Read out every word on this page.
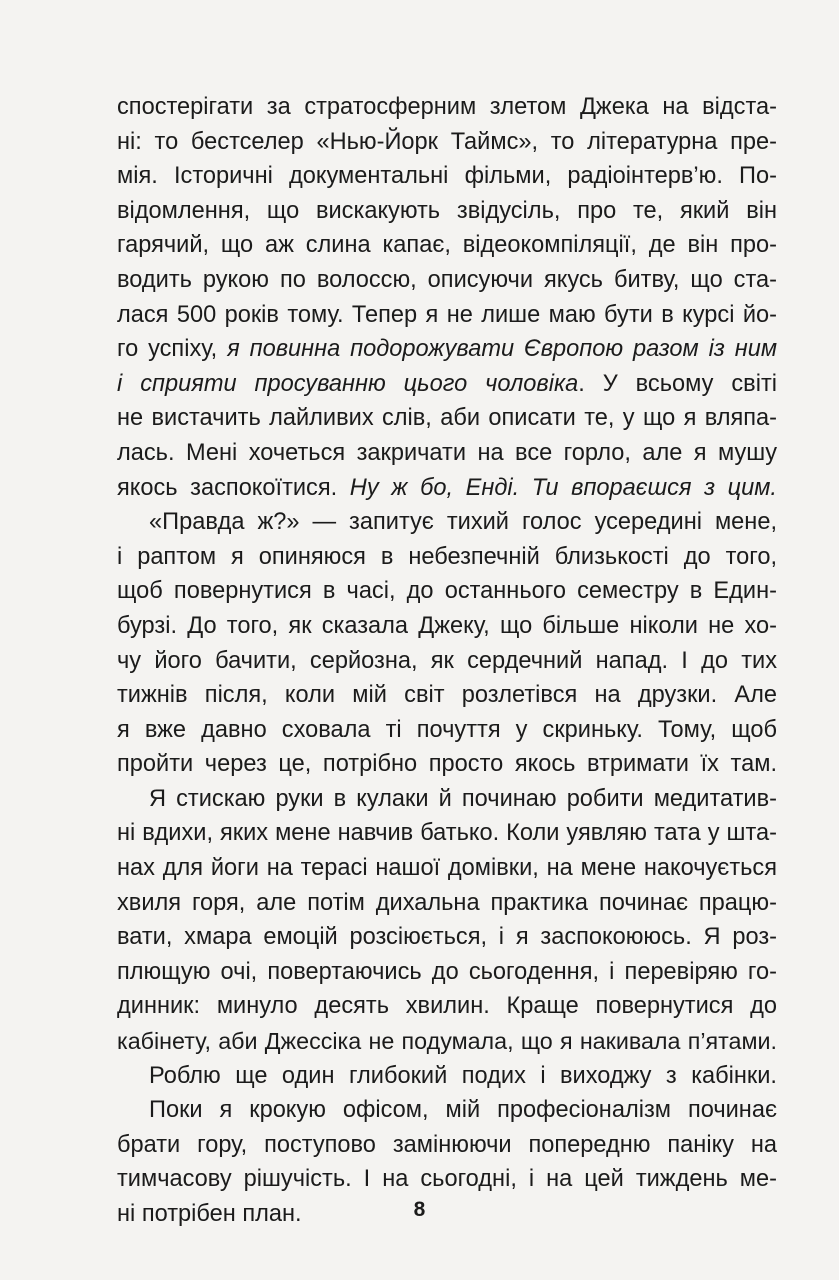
спостерігати за стратосферним злетом Джека на відста-
ні: то бестселер «Нью-Йорк Таймс», то літературна пре-
мія. Історичні документальні фільми, радіоінтерв’ю. По-
відомлення, що вискакують звідусіль, про те, який він
гарячий, що аж слина капає, відеокомпіляції, де він про-
водить рукою по волоссю, описуючи якусь битву, що ста-
лася 500 років тому. Тепер я не лише маю бути в курсі йо-
го успіху, я повинна подорожувати Європою разом із ним
і сприяти просуванню цього чоловіка. У всьому світі
не вистачить лайливих слів, аби описати те, у що я вляпа-
лась. Мені хочеться закричати на все горло, але я мушу
якось заспокоїтися. Ну ж бо, Енді. Ти впораєшся з цим.
«Правда ж?» — запитує тихий голос усередині мене,
і раптом я опиняюся в небезпечній близькості до того,
щоб повернутися в часі, до останнього семестру в Един-
бурзі. До того, як сказала Джеку, що більше ніколи не хо-
чу його бачити, серйозна, як сердечний напад. І до тих
тижнів після, коли мій світ розлетівся на друзки. Але
я вже давно сховала ті почуття у скриньку. Тому, щоб
пройти через це, потрібно просто якось втримати їх там.
Я стискаю руки в кулаки й починаю робити медитатив-
ні вдихи, яких мене навчив батько. Коли уявляю тата у шта-
нах для йоги на терасі нашої домівки, на мене накочується
хвиля горя, але потім дихальна практика починає працю-
вати, хмара емоцій розсіюється, і я заспокоююсь. Я роз-
плющую очі, повертаючись до сьогодення, і перевіряю го-
динник: минуло десять хвилин. Краще повернутися до
кабінету, аби Джессіка не подумала, що я накивала п’ятами.
Роблю ще один глибокий подих і виходжу з кабінки.
Поки я крокую офісом, мій професіоналізм починає
брати гору, поступово замінюючи попередню паніку на
тимчасову рішучість. І на сьогодні, і на цей тиждень ме-
ні потрібен план.	8
